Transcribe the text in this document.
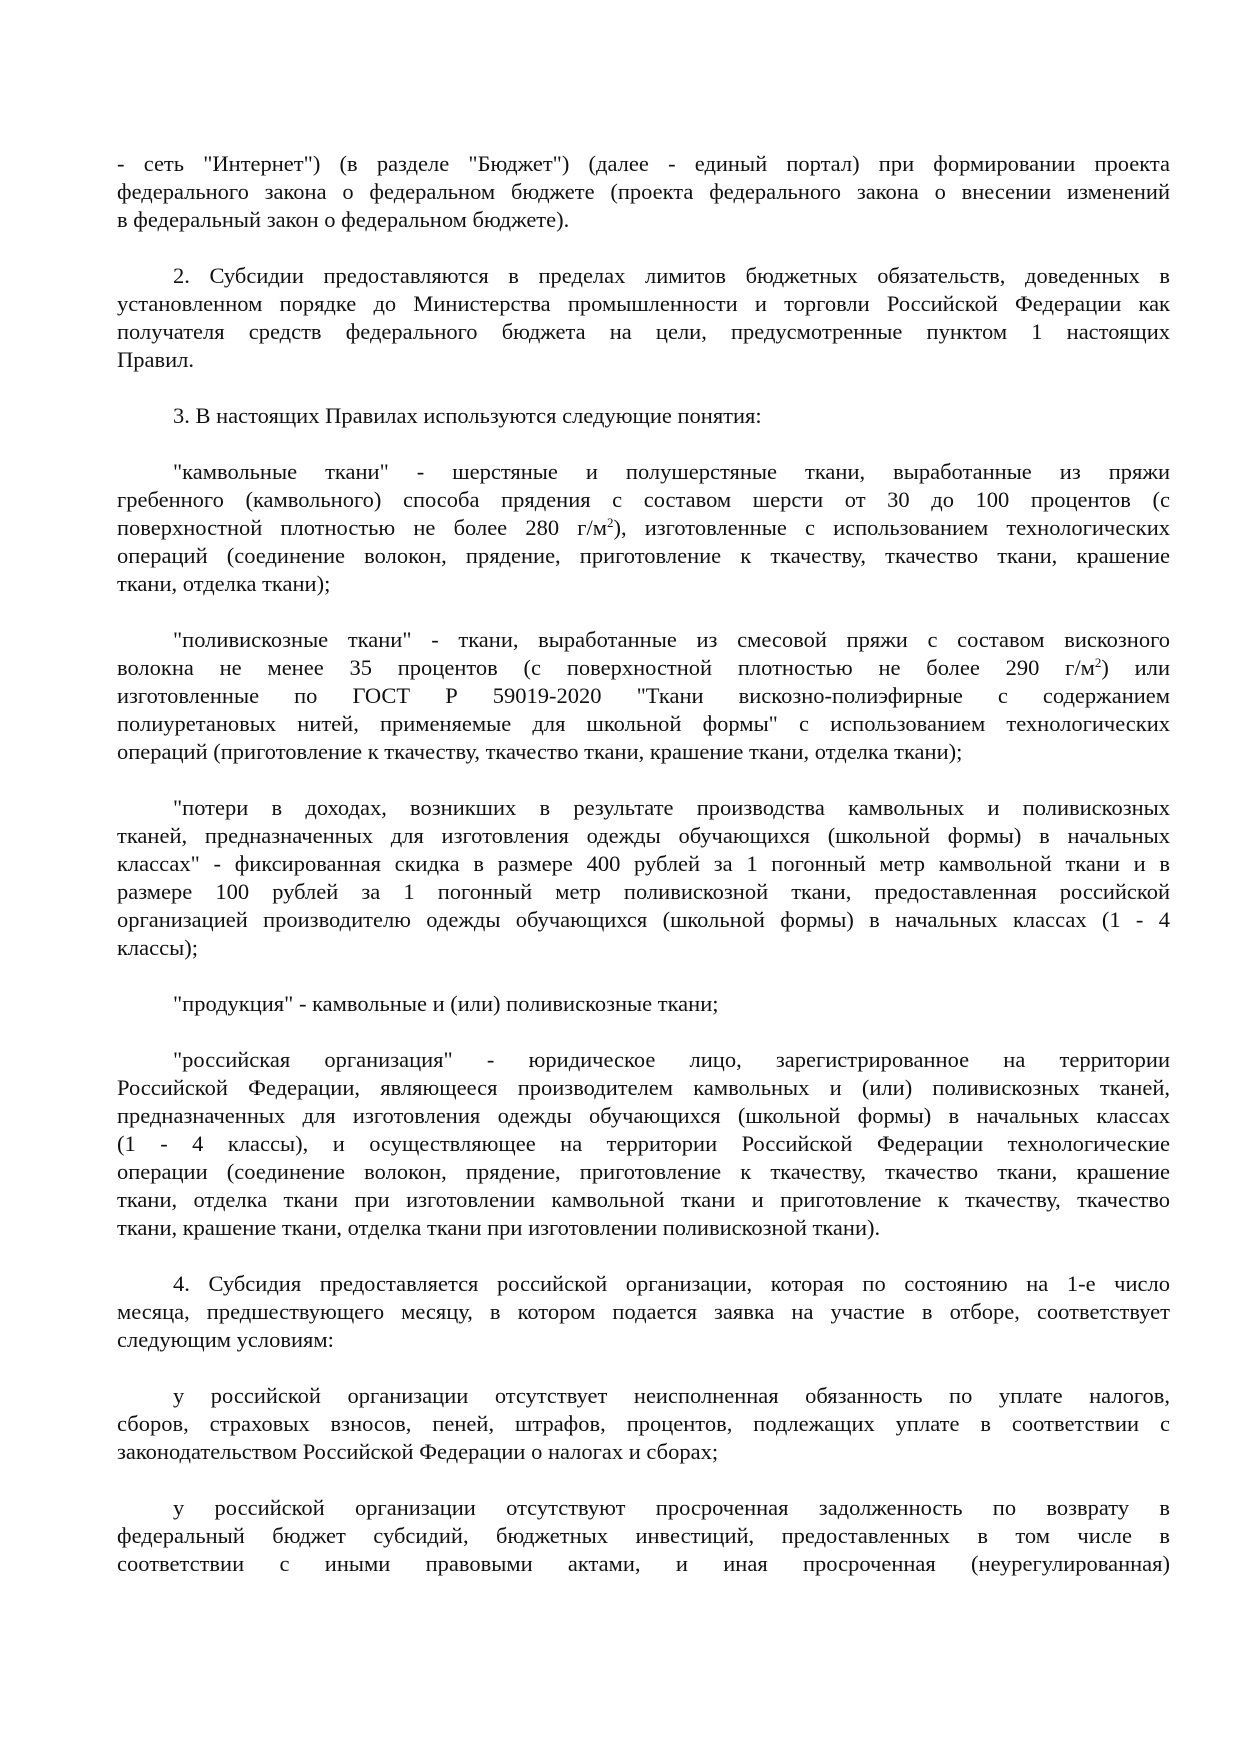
- сеть "Интернет") (в разделе "Бюджет") (далее - единый портал) при формировании проекта
федерального закона о федеральном бюджете (проекта федерального закона о внесении изменений
в федеральный закон о федеральном бюджете).
2. Субсидии предоставляются в пределах лимитов бюджетных обязательств, доведенных в
установленном порядке до Министерства промышленности и торговли Российской Федерации как
получателя средств федерального бюджета на цели, предусмотренные пунктом 1 настоящих
Правил.
3. В настоящих Правилах используются следующие понятия:
"камвольные ткани" - шерстяные и полушерстяные ткани, выработанные из пряжи
гребенного (камвольного) способа прядения с составом шерсти от 30 до 100 процентов (с
поверхностной плотностью не более 280 $г/м^2$), изготовленные с использованием технологических
операций (соединение волокон, прядение, приготовление к ткачеству, ткачество ткани, крашение
ткани, отделка ткани);
"поливискозные ткани" - ткани, выработанные из смесовой пряжи с составом вискозного
волокна не менее 35 процентов (с поверхностной плотностью не более 290 $г/м^2$) или
изготовленные по ГОСТ Р 59019-2020 "Ткани вискозно-полиэфирные с содержанием
полиуретановых нитей, применяемые для школьной формы" с использованием технологических
операций (приготовление к ткачеству, ткачество ткани, крашение ткани, отделка ткани);
"потери в доходах, возникших в результате производства камвольных и поливискозных
тканей, предназначенных для изготовления одежды обучающихся (школьной формы) в начальных
классах" - фиксированная скидка в размере 400 рублей за 1 погонный метр камвольной ткани и в
размере 100 рублей за 1 погонный метр поливискозной ткани, предоставленная российской
организацией производителю одежды обучающихся (школьной формы) в начальных классах (1 - 4
классы);
"продукция" - камвольные и (или) поливискозные ткани;
"российская организация" - юридическое лицо, зарегистрированное на территории
Российской Федерации, являющееся производителем камвольных и (или) поливискозных тканей,
предназначенных для изготовления одежды обучающихся (школьной формы) в начальных классах
(1 - 4 классы), и осуществляющее на территории Российской Федерации технологические
операции (соединение волокон, прядение, приготовление к ткачеству, ткачество ткани, крашение
ткани, отделка ткани при изготовлении камвольной ткани и приготовление к ткачеству, ткачество
ткани, крашение ткани, отделка ткани при изготовлении поливискозной ткани).
4. Субсидия предоставляется российской организации, которая по состоянию на 1-е число
месяца, предшествующего месяцу, в котором подается заявка на участие в отборе, соответствует
следующим условиям:
у российской организации отсутствует неисполненная обязанность по уплате налогов,
сборов, страховых взносов, пеней, штрафов, процентов, подлежащих уплате в соответствии с
законодательством Российской Федерации о налогах и сборах;
у российской организации отсутствуют просроченная задолженность по возврату в
федеральный бюджет субсидий, бюджетных инвестиций, предоставленных в том числе в
соответствии с иными правовыми актами, и иная просроченная (неурегулированная)
